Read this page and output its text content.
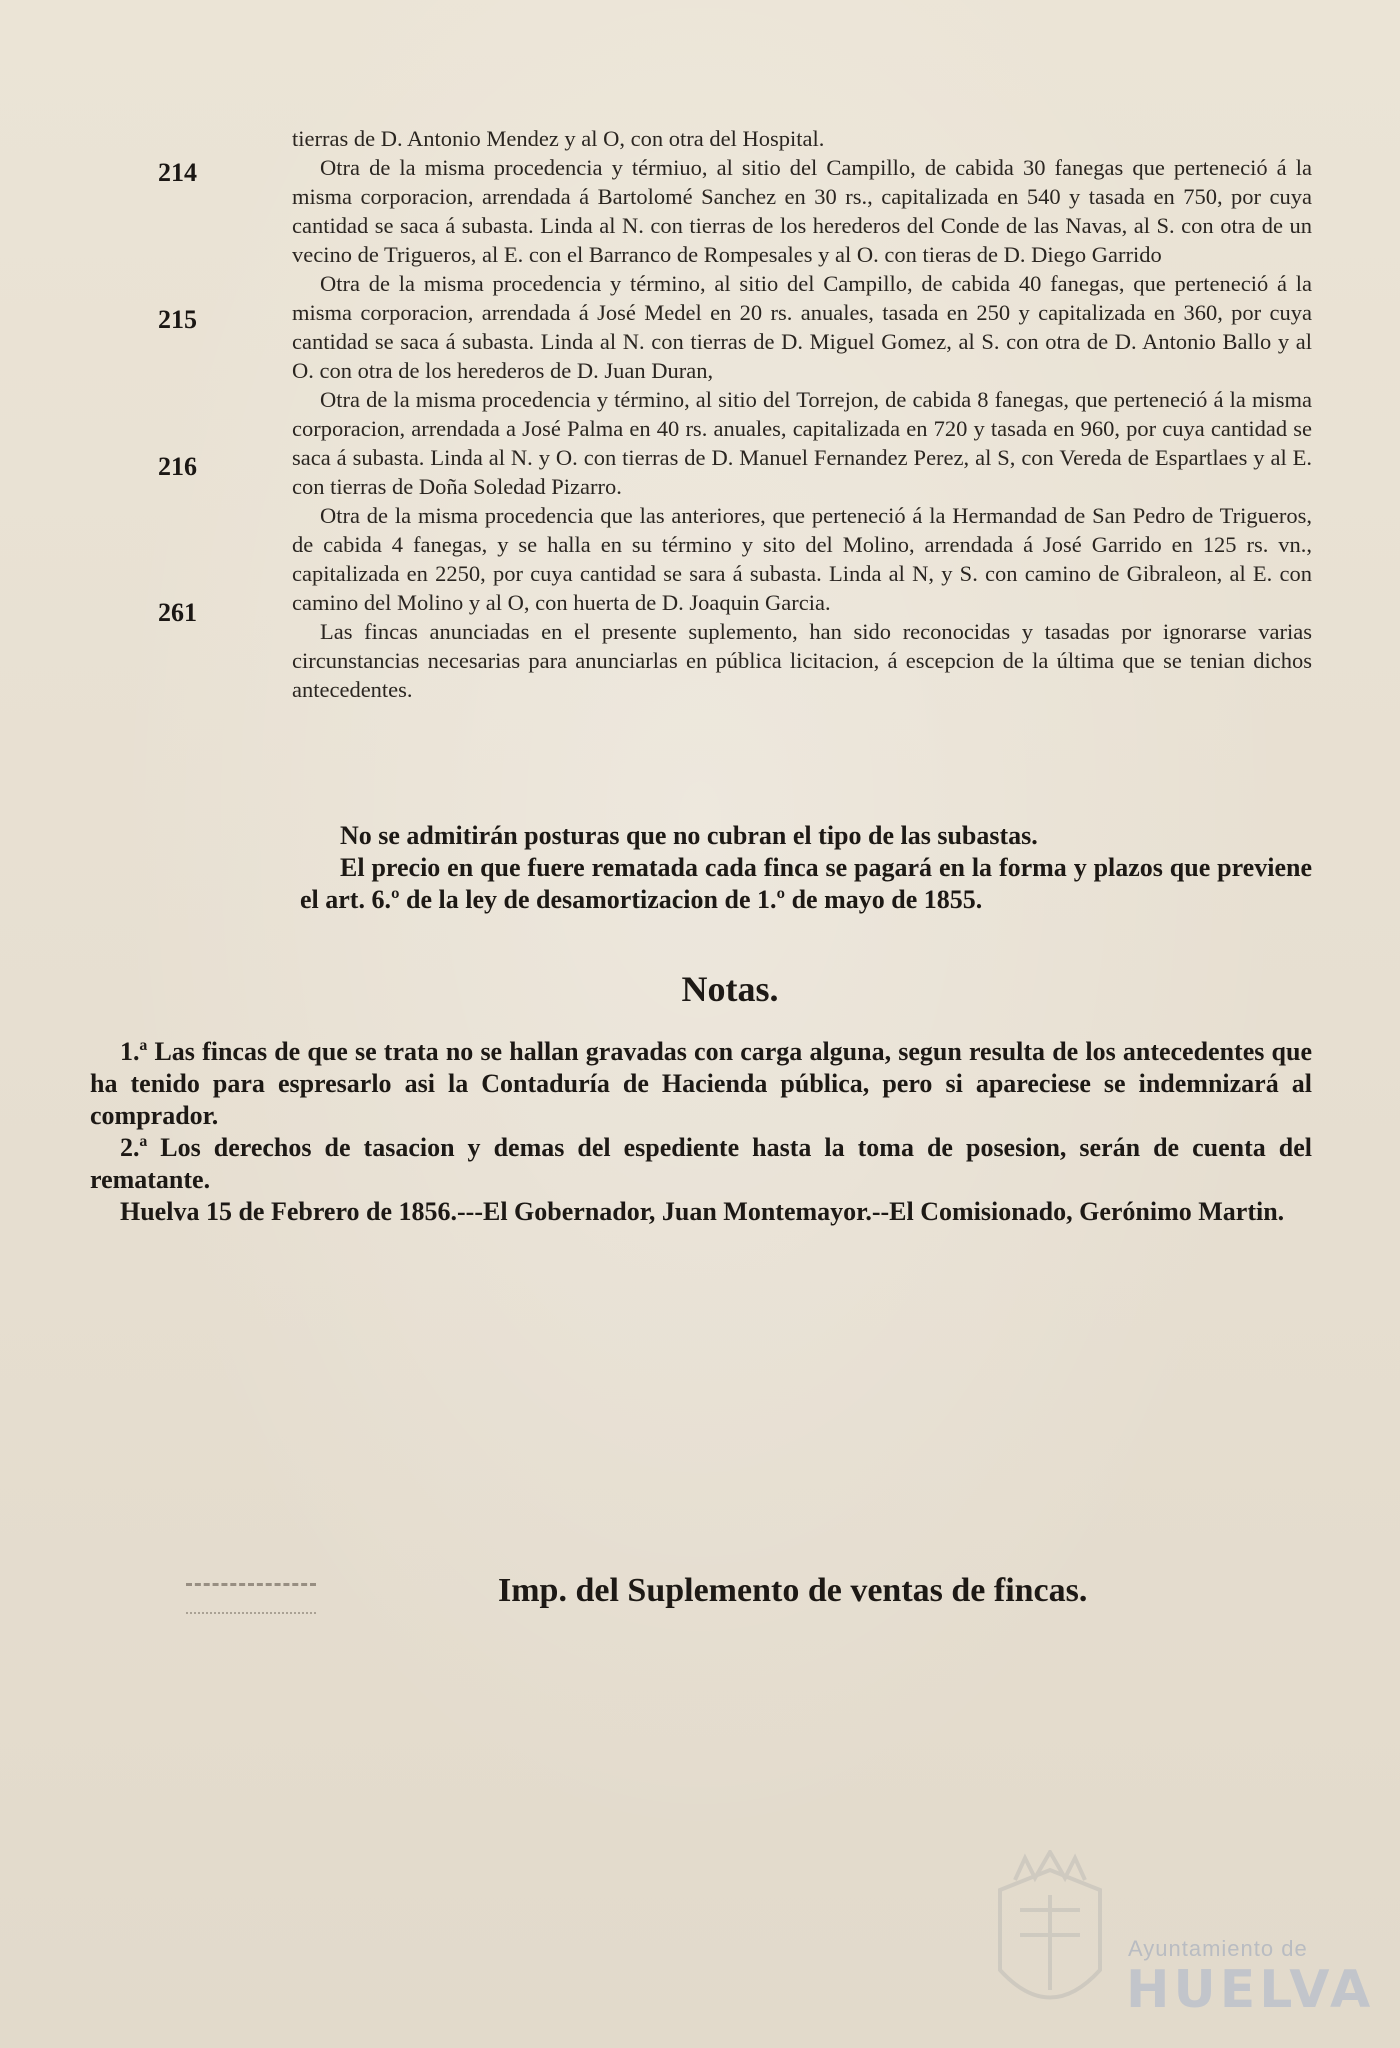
214
215
216
261

tierras de D. Antonio Mendez y al O, con otra del Hospital.

Otra de la misma procedencia y térmiuo, al sitio del Campillo, de cabida 30 fanegas que perteneció á la misma corporacion, arrendada á Bartolomé Sanchez en 30 rs., capitalizada en 540 y tasada en 750, por cuya cantidad se saca á subasta. Linda al N. con tierras de los herederos del Conde de las Navas, al S. con otra de un vecino de Trigueros, al E. con el Barranco de Rompesales y al O. con tieras de D. Diego Garrido

Otra de la misma procedencia y término, al sitio del Campillo, de cabida 40 fanegas, que perteneció á la misma corporacion, arrendada á José Medel en 20 rs. anuales, tasada en 250 y capitalizada en 360, por cuya cantidad se saca á subasta. Linda al N. con tierras de D. Miguel Gomez, al S. con otra de D. Antonio Ballo y al O. con otra de los herederos de D. Juan Duran,

Otra de la misma procedencia y término, al sitio del Torrejon, de cabida 8 fanegas, que perteneció á la misma corporacion, arrendada a José Palma en 40 rs. anuales, capitalizada en 720 y tasada en 960, por cuya cantidad se saca á subasta. Linda al N. y O. con tierras de D. Manuel Fernandez Perez, al S, con Vereda de Espartlaes y al E. con tierras de Doña Soledad Pizarro.

Otra de la misma procedencia que las anteriores, que perteneció á la Hermandad de San Pedro de Trigueros, de cabida 4 fanegas, y se halla en su término y sito del Molino, arrendada á José Garrido en 125 rs. vn., capitalizada en 2250, por cuya cantidad se sara á subasta. Linda al N, y S. con camino de Gibraleon, al E. con camino del Molino y al O, con huerta de D. Joaquin Garcia.

Las fincas anunciadas en el presente suplemento, han sido reconocidas y tasadas por ignorarse varias circunstancias necesarias para anunciarlas en pública licitacion, á escepcion de la última que se tenian dichos antecedentes.

No se admitirán posturas que no cubran el tipo de las subastas.

El precio en que fuere rematada cada finca se pagará en la forma y plazos que previene el art. 6.º de la ley de desamortizacion de 1.º de mayo de 1855.

Notas.

1.ª Las fincas de que se trata no se hallan gravadas con carga alguna, segun resulta de los antecedentes que ha tenido para espresarlo asi la Contaduría de Hacienda pública, pero si apareciese se indemnizará al comprador.

2.ª Los derechos de tasacion y demas del espediente hasta la toma de posesion, serán de cuenta del rematante.

Huelva 15 de Febrero de 1856.---El Gobernador, Juan Montemayor.--El Comisionado, Gerónimo Martin.

Imp. del Suplemento de ventas de fincas.
Ayuntamiento de
HUELVA
